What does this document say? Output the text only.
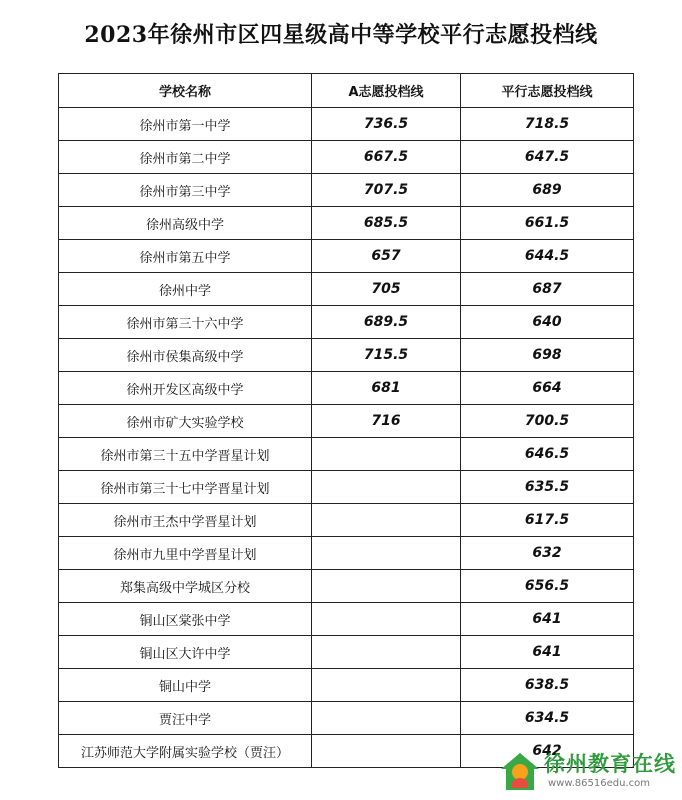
2023年徐州市区四星级高中等学校平行志愿投档线
学校名称	A志愿投档线	平行志愿投档线
徐州市第一中学	736.5	718.5
徐州市第二中学	667.5	647.5
徐州市第三中学	707.5	689
徐州高级中学	685.5	661.5
徐州市第五中学	657	644.5
徐州中学	705	687
徐州市第三十六中学	689.5	640
徐州市侯集高级中学	715.5	698
徐州开发区高级中学	681	664
徐州市矿大实验学校	716	700.5
徐州市第三十五中学晋星计划		646.5
徐州市第三十七中学晋星计划		635.5
徐州市王杰中学晋星计划		617.5
徐州市九里中学晋星计划		632
郑集高级中学城区分校		656.5
铜山区棠张中学		641
铜山区大许中学		641
铜山中学		638.5
贾汪中学		634.5
江苏师范大学附属实验学校（贾汪）		642
徐州教育在线
www.86516edu.com
